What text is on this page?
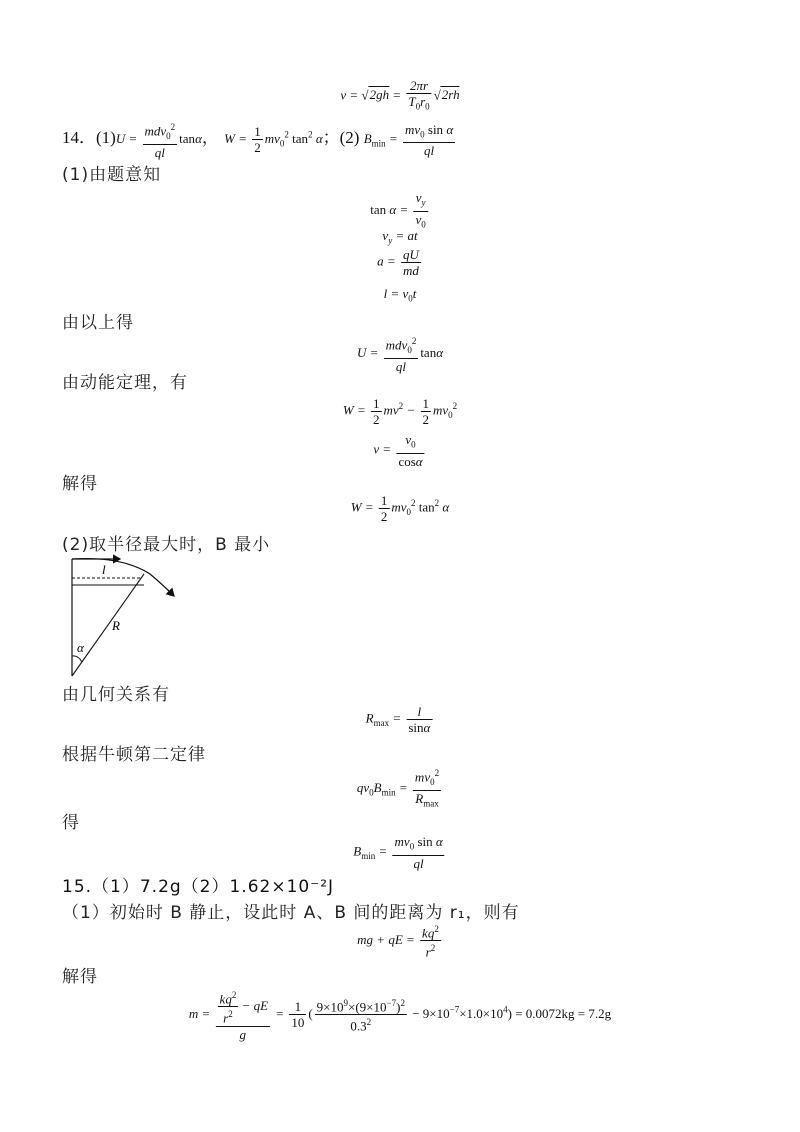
$v = √2gh = \frac{2\pi r}{T_0r_0} √2rh$
14．(1)U =
mdv$_0^2$
ql
tanα， $W = \frac{1}{2} mv_0^2$ $\tan^2 \alpha$；(2) $B_{min} = \frac{mv_0 \sin \alpha}{ql}$
(1)由题意知
$\tan \alpha = \frac{v_y}{v_0}$
$v_y$ = at
$a = \frac{qU}{md}$
$l = v_0t$
由以上得
U =
mdv$_0^2$
ql
tanα
由动能定理，有
$W = \frac{1}{2} mv^2 - \frac{1}{2} mv_0^2$
$v = \frac{v_0}{\cos\alpha}$
解得
$W = \frac{1}{2} mv_0^2$ $\tan^2 \alpha$
(2)取半径最大时，B 最小
l
R
α
由几何关系有
$R_{max} = \frac{l}{\sin\alpha}$
根据牛顿第二定律
$qv_0B_{min}$ =
$mv_0^2$
$R_{max}$
得
$B_{min} = \frac{mv_0 \sin \alpha}{ql}$
15.（1）7.2g（2）1.62×10⁻²J
（1）初始时 B 静止，设此时 A、B 间的距离为 r₁，则有
mg + qE = $\frac{kq^2}{r^2}$
解得
$m = \frac{\frac{kq^2}{r^2} - qE}{g} = \frac{1}{10}$ ( $\frac{9\times 10^9\times(9\times 10^{-7})^2}{0.3^2} - 9\times 10^{-7}\times 1.0\times 10^4) = 0.0072kg = 7.2g$
